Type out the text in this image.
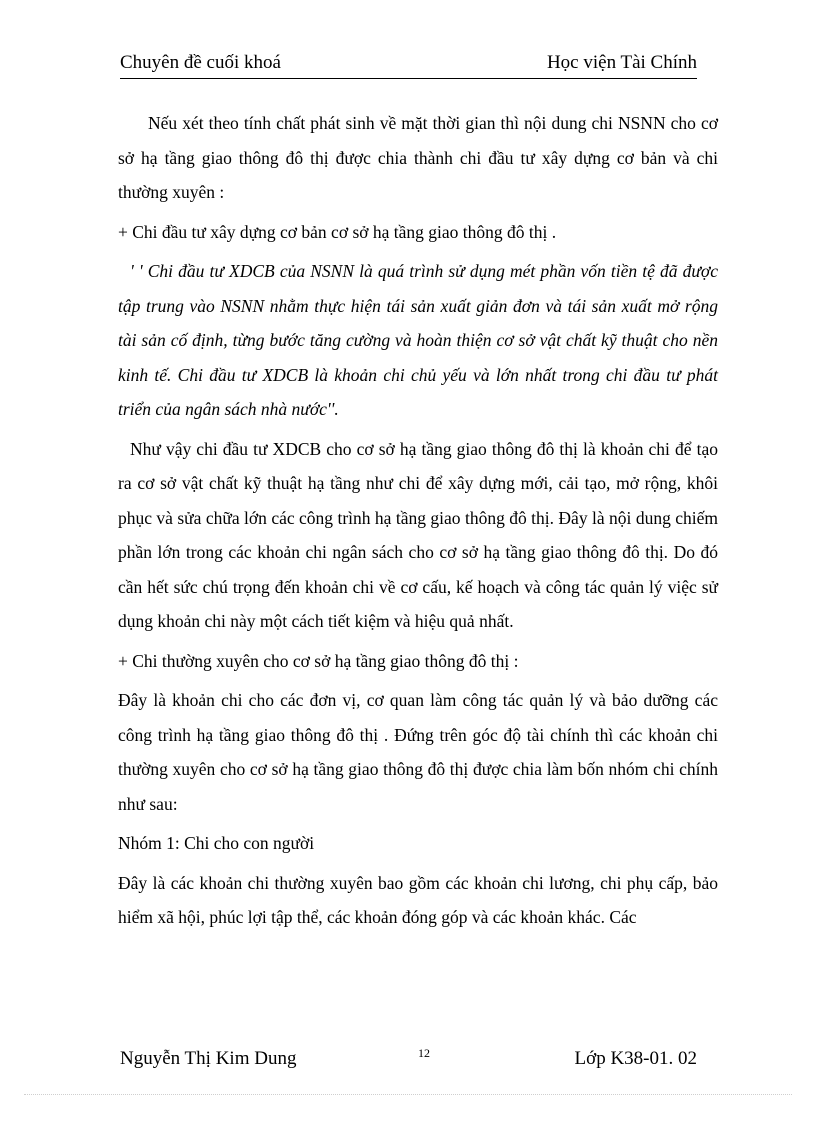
Chuyên đề cuối khoá	Học viện Tài Chính

Nếu xét theo tính chất phát sinh về mặt thời gian thì nội dung chi NSNN cho cơ sở hạ tầng giao thông đô thị được chia thành chi đầu tư xây dựng cơ bản và chi thường xuyên :

+ Chi đầu tư xây dựng cơ bản cơ sở hạ tầng giao thông đô thị .

' ' Chi đầu tư XDCB của NSNN là quá trình sử dụng mét phần vốn tiền tệ đã được tập trung vào NSNN nhằm thực hiện tái sản xuất giản đơn và tái sản xuất mở rộng tài sản cố định, từng bước tăng cường và hoàn thiện cơ sở vật chất kỹ thuật cho nền kinh tế. Chi đầu tư XDCB là khoản chi chủ yếu và lớn nhất trong chi đầu tư phát triển của ngân sách nhà nước''.

Như vậy chi đầu tư XDCB cho cơ sở hạ tầng giao thông đô thị là khoản chi để tạo ra cơ sở vật chất kỹ thuật hạ tầng như chi để xây dựng mới, cải tạo, mở rộng, khôi phục và sửa chữa lớn các công trình hạ tầng giao thông đô thị. Đây là nội dung chiếm phần lớn trong các khoản chi ngân sách cho cơ sở hạ tầng giao thông đô thị. Do đó cần hết sức chú trọng đến khoản chi về cơ cấu, kế hoạch và công tác quản lý việc sử dụng khoản chi này một cách tiết kiệm và hiệu quả nhất.

+ Chi thường xuyên cho cơ sở hạ tầng giao thông đô thị :

Đây là khoản chi cho các đơn vị, cơ quan làm công tác quản lý và bảo dưỡng các công trình hạ tầng giao thông đô thị . Đứng trên góc độ tài chính thì các khoản chi thường xuyên cho cơ sở hạ tầng giao thông đô thị được chia làm bốn nhóm chi chính như sau:

Nhóm 1: Chi cho con người

Đây là các khoản chi thường xuyên bao gồm các khoản chi lương, chi phụ cấp, bảo hiểm xã hội, phúc lợi tập thể, các khoản đóng góp và các khoản khác. Các

Nguyễn Thị Kim Dung	12	Lớp K38-01. 02
